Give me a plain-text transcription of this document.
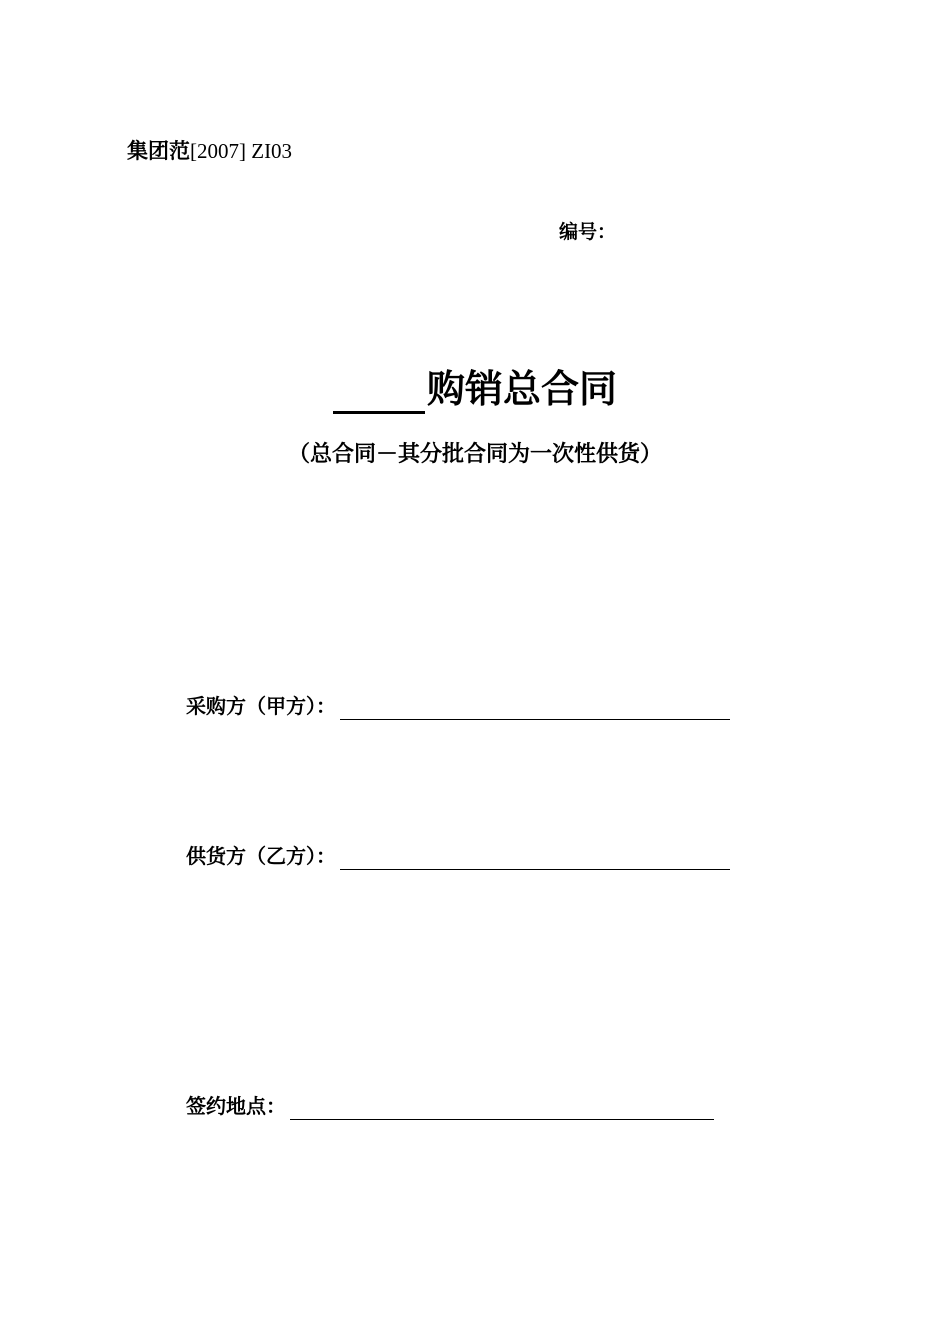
集团范[2007] ZI03
编号：
购销总合同
（总合同－其分批合同为一次性供货）
采购方（甲方）：
供货方（乙方）：
签约地点：
